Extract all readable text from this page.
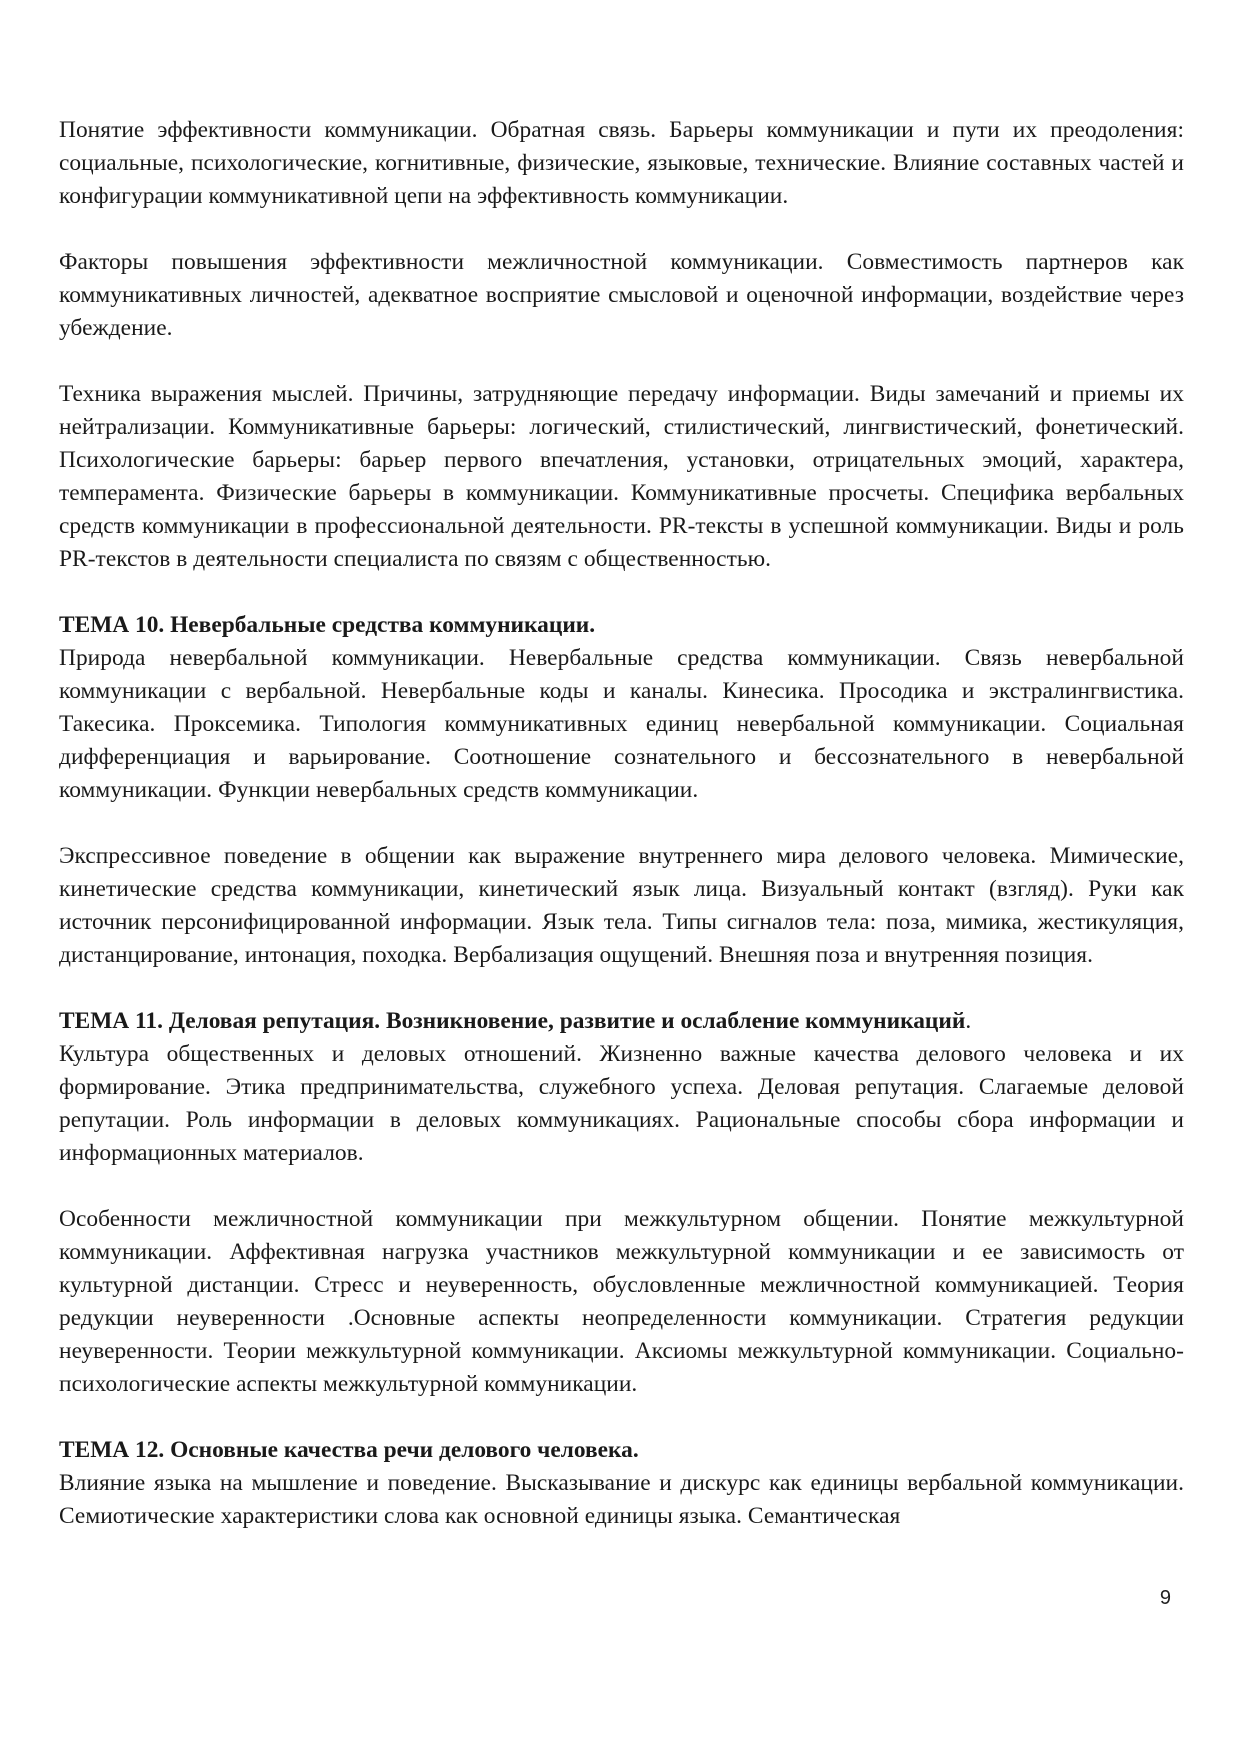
Понятие эффективности коммуникации. Обратная связь. Барьеры коммуникации и пути их преодоления: социальные, психологические, когнитивные, физические, языковые, технические. Влияние составных частей и конфигурации коммуникативной цепи на эффективность коммуникации.

Факторы повышения эффективности межличностной коммуникации. Совместимость партнеров как коммуникативных личностей, адекватное восприятие смысловой и оценочной информации, воздействие через убеждение.

Техника выражения мыслей. Причины, затрудняющие передачу информации. Виды замечаний и приемы их нейтрализации. Коммуникативные барьеры: логический, стилистический, лингвистический, фонетический. Психологические барьеры: барьер первого впечатления, установки, отрицательных эмоций, характера, темперамента. Физические барьеры в коммуникации. Коммуникативные просчеты. Специфика вербальных средств коммуникации в профессиональной деятельности. PR-тексты в успешной коммуникации. Виды и роль PR-текстов в деятельности специалиста по связям с общественностью.

ТЕМА 10. Невербальные средства коммуникации.

Природа невербальной коммуникации. Невербальные средства коммуникации. Связь невербальной коммуникации с вербальной. Невербальные коды и каналы. Кинесика. Просодика и экстралингвистика. Такесика. Проксемика. Типология коммуникативных единиц невербальной коммуникации. Социальная дифференциация и варьирование. Соотношение сознательного и бессознательного в невербальной коммуникации. Функции невербальных средств коммуникации.

Экспрессивное поведение в общении как выражение внутреннего мира делового человека. Мимические, кинетические средства коммуникации, кинетический язык лица. Визуальный контакт (взгляд). Руки как источник персонифицированной информации. Язык тела. Типы сигналов тела: поза, мимика, жестикуляция, дистанцирование, интонация, походка. Вербализация ощущений. Внешняя поза и внутренняя позиция.

ТЕМА 11. Деловая репутация. Возникновение, развитие и ослабление коммуникаций.

Культура общественных и деловых отношений. Жизненно важные качества делового человека и их формирование. Этика предпринимательства, служебного успеха. Деловая репутация. Слагаемые деловой репутации. Роль информации в деловых коммуникациях. Рациональные способы сбора информации и информационных материалов.

Особенности межличностной коммуникации при межкультурном общении. Понятие межкультурной коммуникации. Аффективная нагрузка участников межкультурной коммуникации и ее зависимость от культурной дистанции. Стресс и неуверенность, обусловленные межличностной коммуникацией. Теория редукции неуверенности .Основные аспекты неопределенности коммуникации. Стратегия редукции неуверенности. Теории межкультурной коммуникации. Аксиомы межкультурной коммуникации. Социально-психологические аспекты межкультурной коммуникации.

ТЕМА 12. Основные качества речи делового человека.

Влияние языка на мышление и поведение. Высказывание и дискурс как единицы вербальной коммуникации. Семиотические характеристики слова как основной единицы языка. Семантическая

9
